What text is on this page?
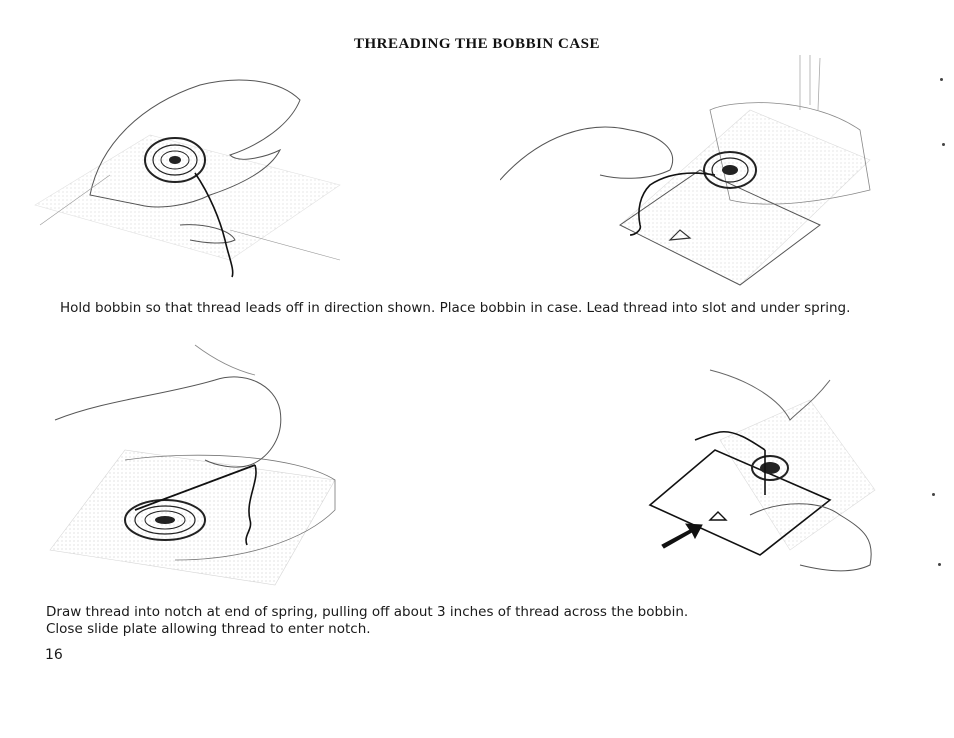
THREADING THE BOBBIN CASE
Hold bobbin so that thread leads off in direction shown. Place bobbin in case. Lead thread into slot and under spring.
Draw thread into notch at end of spring, pulling off about 3 inches of thread across the bobbin.
Close slide plate allowing thread to enter notch.
16
